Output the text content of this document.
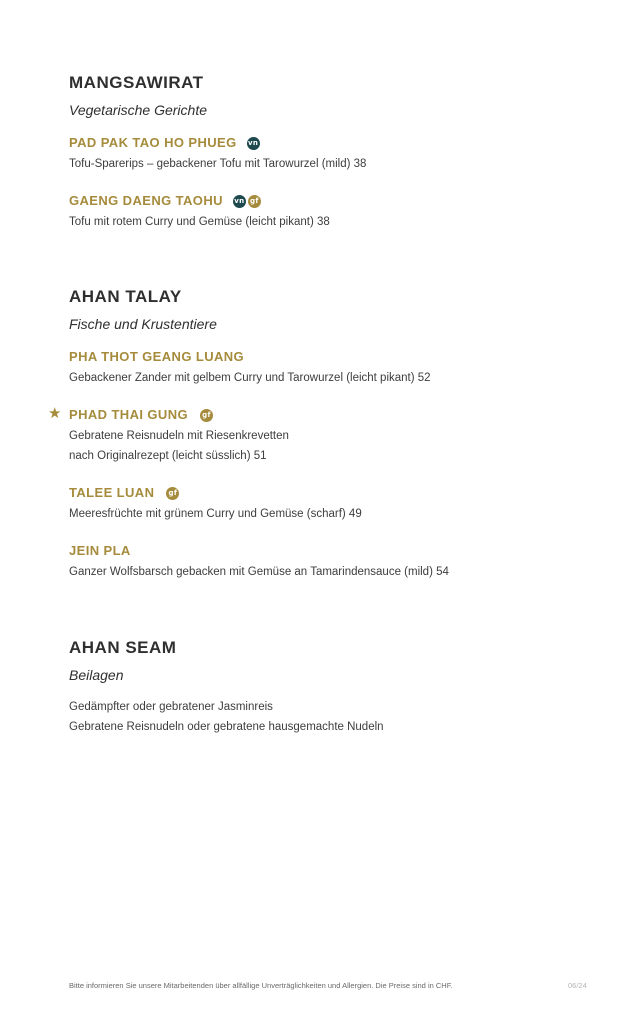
MANGSAWIRAT

Vegetarische Gerichte

PAD PAK TAO HO PHUEG vn
Tofu-Sparerips – gebackener Tofu mit Tarowurzel (mild) 38
GAENG DAENG TAOHU vn gf
Tofu mit rotem Curry und Gemüse (leicht pikant) 38
AHAN TALAY

Fische und Krustentiere

PHA THOT GEANG LUANG
Gebackener Zander mit gelbem Curry und Tarowurzel (leicht pikant) 52
★ PHAD THAI GUNG gf
Gebratene Reisnudeln mit Riesenkrevetten
nach Originalrezept (leicht süsslich) 51
TALEE LUAN gf
Meeresfrüchte mit grünem Curry und Gemüse (scharf) 49
JEIN PLA
Ganzer Wolfsbarsch gebacken mit Gemüse an Tamarindensauce (mild) 54
AHAN SEAM

Beilagen

Gedämpfter oder gebratener Jasminreis
Gebratene Reisnudeln oder gebratene hausgemachte Nudeln
Bitte informieren Sie unsere Mitarbeitenden über allfällige Unverträglichkeiten und Allergien. Die Preise sind in CHF.	06/24
